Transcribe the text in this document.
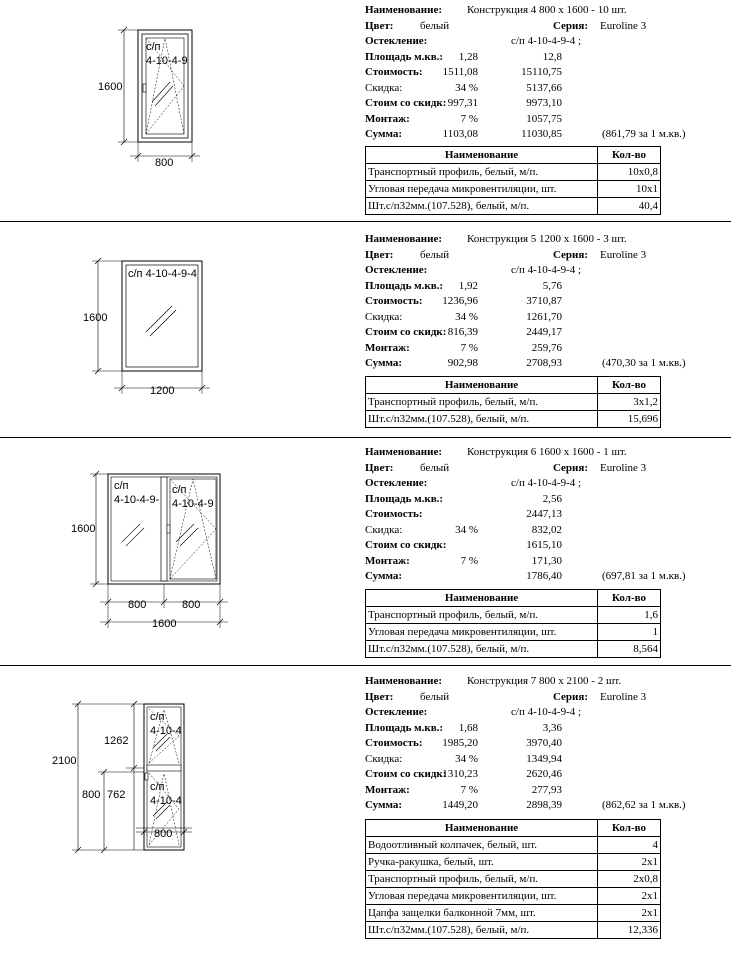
с/п
4-10-4-9
1600
800
Наименование: Конструкция 4 800 x 1600 - 10 шт.
Цвет: белый	Серия: Euroline 3
Остекление:	с/п 4-10-4-9-4 ;
Площадь м.кв.: 1,28	12,8
Стоимость: 1511,08	15110,75
Скидка:	34 %	5137,66
Стоим со скидк: 997,31	9973,10
Монтаж:	7 %	1057,75
Сумма:	1103,08	11030,85	(861,79 за 1 м.кв.)
Наименование	Кол-во
Транспортный профиль, белый, м/п.	10x0,8
Угловая передача микровентиляции, шт.	10x1
Шт.с/п32мм.(107.528), белый, м/п.	40,4
с/п 4-10-4-9-4
1600
1200
Наименование: Конструкция 5 1200 x 1600 - 3 шт.
Цвет: белый	Серия: Euroline 3
Остекление:	с/п 4-10-4-9-4 ;
Площадь м.кв.: 1,92	5,76
Стоимость: 1236,96	3710,87
Скидка:	34 %	1261,70
Стоим со скидк: 816,39	2449,17
Монтаж:	7 %	259,76
Сумма:	902,98	2708,93	(470,30 за 1 м.кв.)
Наименование	Кол-во
Транспортный профиль, белый, м/п.	3x1,2
Шт.с/п32мм.(107.528), белый, м/п.	15,696
с/п
4-10-4-9-
с/п
4-10-4-9
1600
800	800
1600
Наименование: Конструкция 6 1600 x 1600 - 1 шт.
Цвет: белый	Серия: Euroline 3
Остекление:	с/п 4-10-4-9-4 ;
Площадь м.кв.:	2,56
Стоимость:	2447,13
Скидка:	34 %	832,02
Стоим со скидк:	1615,10
Монтаж:	7 %	171,30
Сумма:	1786,40	(697,81 за 1 м.кв.)
Наименование	Кол-во
Транспортный профиль, белый, м/п.	1,6
Угловая передача микровентиляции, шт.	1
Шт.с/п32мм.(107.528), белый, м/п.	8,564
с/п
4-10-4
с/п
4-10-4
2100
1262
762
800
800
Наименование: Конструкция 7 800 x 2100 - 2 шт.
Цвет: белый	Серия: Euroline 3
Остекление:	с/п 4-10-4-9-4 ;
Площадь м.кв.: 1,68	3,36
Стоимость: 1985,20	3970,40
Скидка:	34 %	1349,94
Стоим со скидк:
1310,23	2620,46
Монтаж:	7 %	277,93
Сумма:	1449,20	2898,39	(862,62 за 1 м.кв.)
Наименование	Кол-во
Водоотливный колпачек, белый, шт.	4
Ручка-ракушка, белый, шт.	2x1
Транспортный профиль, белый, м/п.	2x0,8
Угловая передача микровентиляции, шт.	2x1
Цапфа защелки балконной 7мм, шт.	2x1
Шт.с/п32мм.(107.528), белый, м/п.	12,336
